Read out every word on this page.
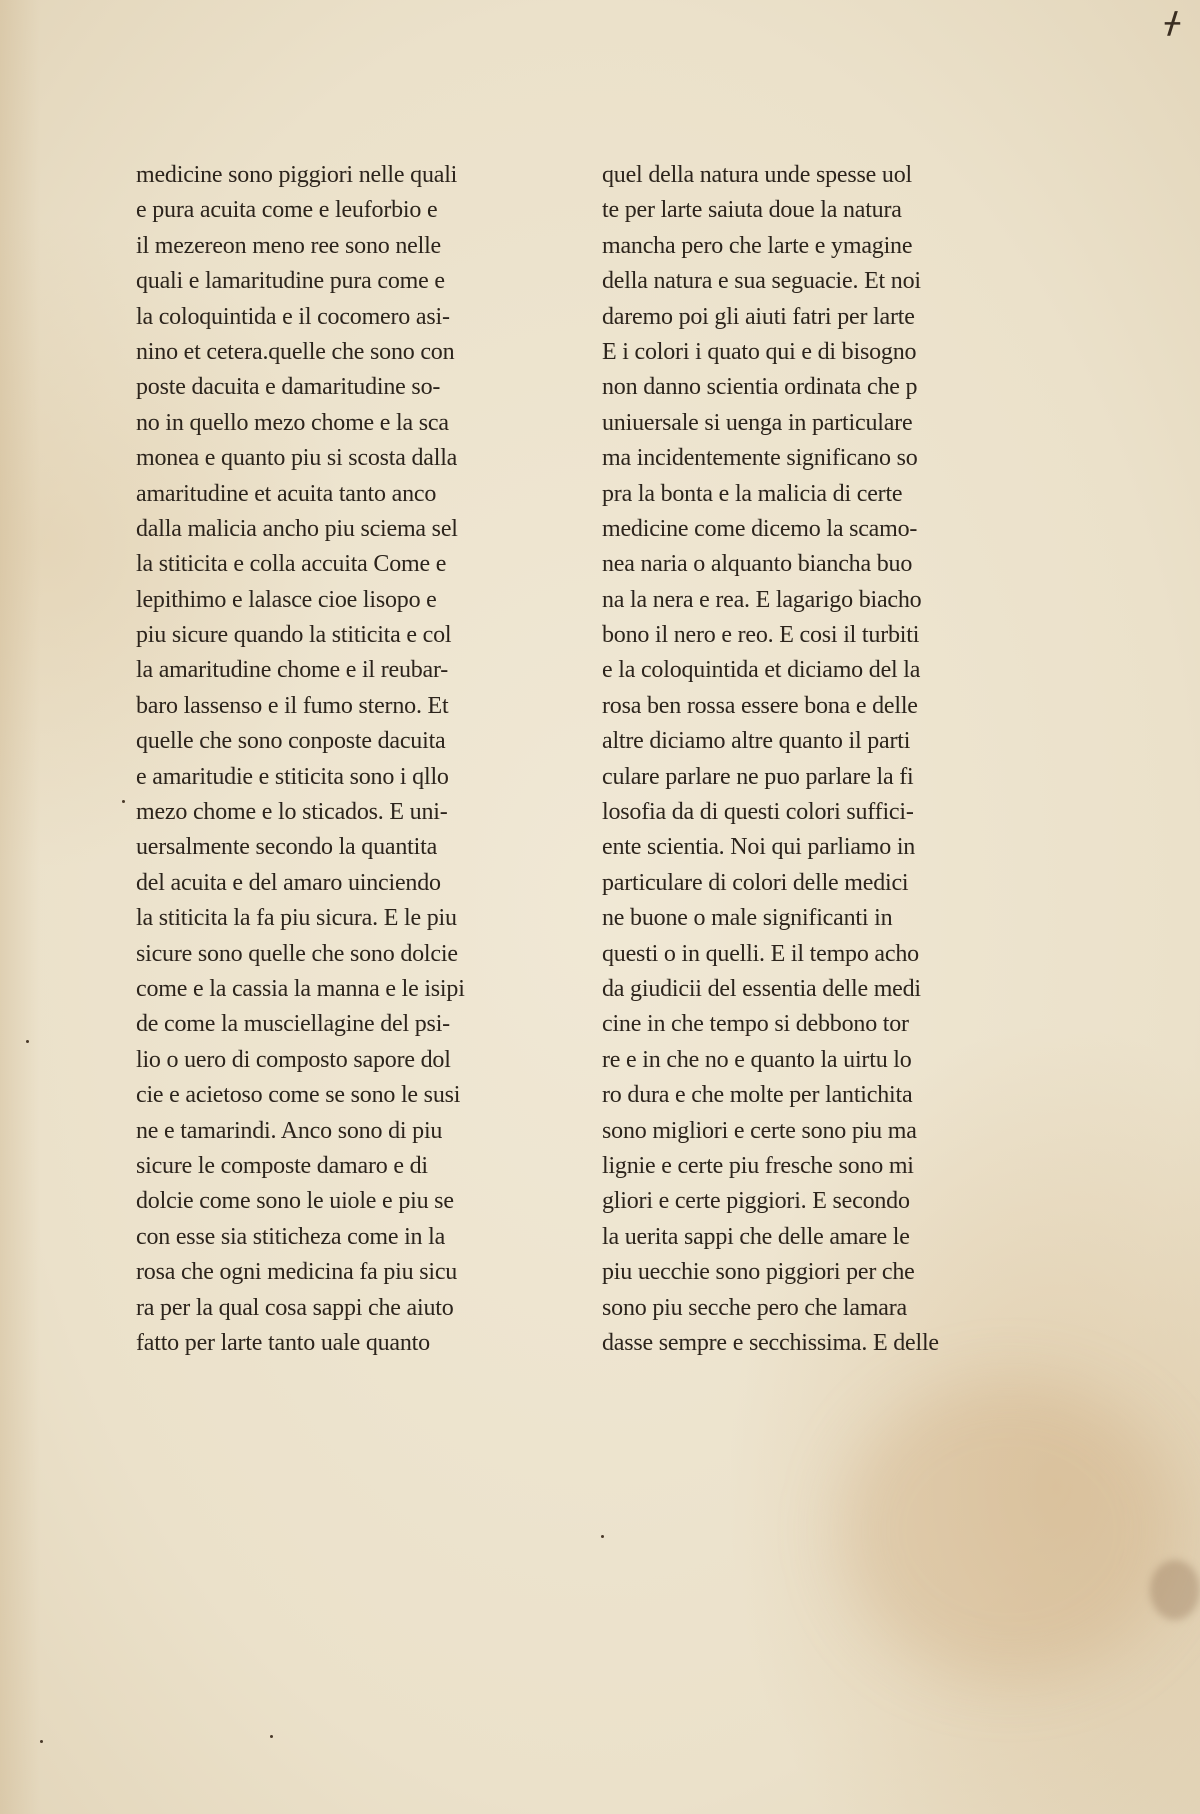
ᚋ
medicine sono piggiori nelle quali
e pura acuita come e leuforbio e
il mezereon meno ree sono nelle
quali e lamaritudine pura come e
la coloquintida e il cocomero asi-
nino et cetera.quelle che sono con
poste dacuita e damaritudine so-
no in quello mezo chome e la sca
monea e quanto piu si scosta dalla
amaritudine et acuita tanto anco
dalla malicia ancho piu sciema sel
la stiticita e colla accuita Come e
lepithimo e lalasce cioe lisopo e
piu sicure quando la stiticita e col
la amaritudine chome e il reubar-
baro lassenso e il fumo sterno. Et
quelle che sono conposte dacuita
e amaritudie e stiticita sono i qllo
mezo chome e lo sticados. E uni-
uersalmente secondo la quantita
del acuita e del amaro uinciendo
la stiticita la fa piu sicura. E le piu
sicure sono quelle che sono dolcie
come e la cassia la manna e le isipi
de come la musciellagine del psi-
lio o uero di composto sapore dol
cie e acietoso come se sono le susi
ne e tamarindi. Anco sono di piu
sicure le composte damaro e di
dolcie come sono le uiole e piu se
con esse sia stiticheza come in la
rosa che ogni medicina fa piu sicu
ra per la qual cosa sappi che aiuto
fatto per larte tanto uale quanto
quel della natura unde spesse uol
te per larte saiuta doue la natura
mancha pero che larte e ymagine
della natura e sua seguacie. Et noi
daremo poi gli aiuti fatri per larte
E i colori i quato qui e di bisogno
non danno scientia ordinata che p
uniuersale si uenga in particulare
ma incidentemente significano so
pra la bonta e la malicia di certe
medicine come dicemo la scamo-
nea naria o alquanto biancha buo
na la nera e rea. E lagarigo biacho
bono il nero e reo. E cosi il turbiti
e la coloquintida et diciamo del la
rosa ben rossa essere bona e delle
altre diciamo altre quanto il parti
culare parlare ne puo parlare la fi
losofia da di questi colori suffici-
ente scientia. Noi qui parliamo in
particulare di colori delle medici
ne buone o male significanti in
questi o in quelli. E il tempo acho
da giudicii del essentia delle medi
cine in che tempo si debbono tor
re e in che no e quanto la uirtu lo
ro dura e che molte per lantichita
sono migliori e certe sono piu ma
lignie e certe piu fresche sono mi
gliori e certe piggiori. E secondo
la uerita sappi che delle amare le
piu uecchie sono piggiori per che
sono piu secche pero che lamara
dasse sempre e secchissima. E delle
